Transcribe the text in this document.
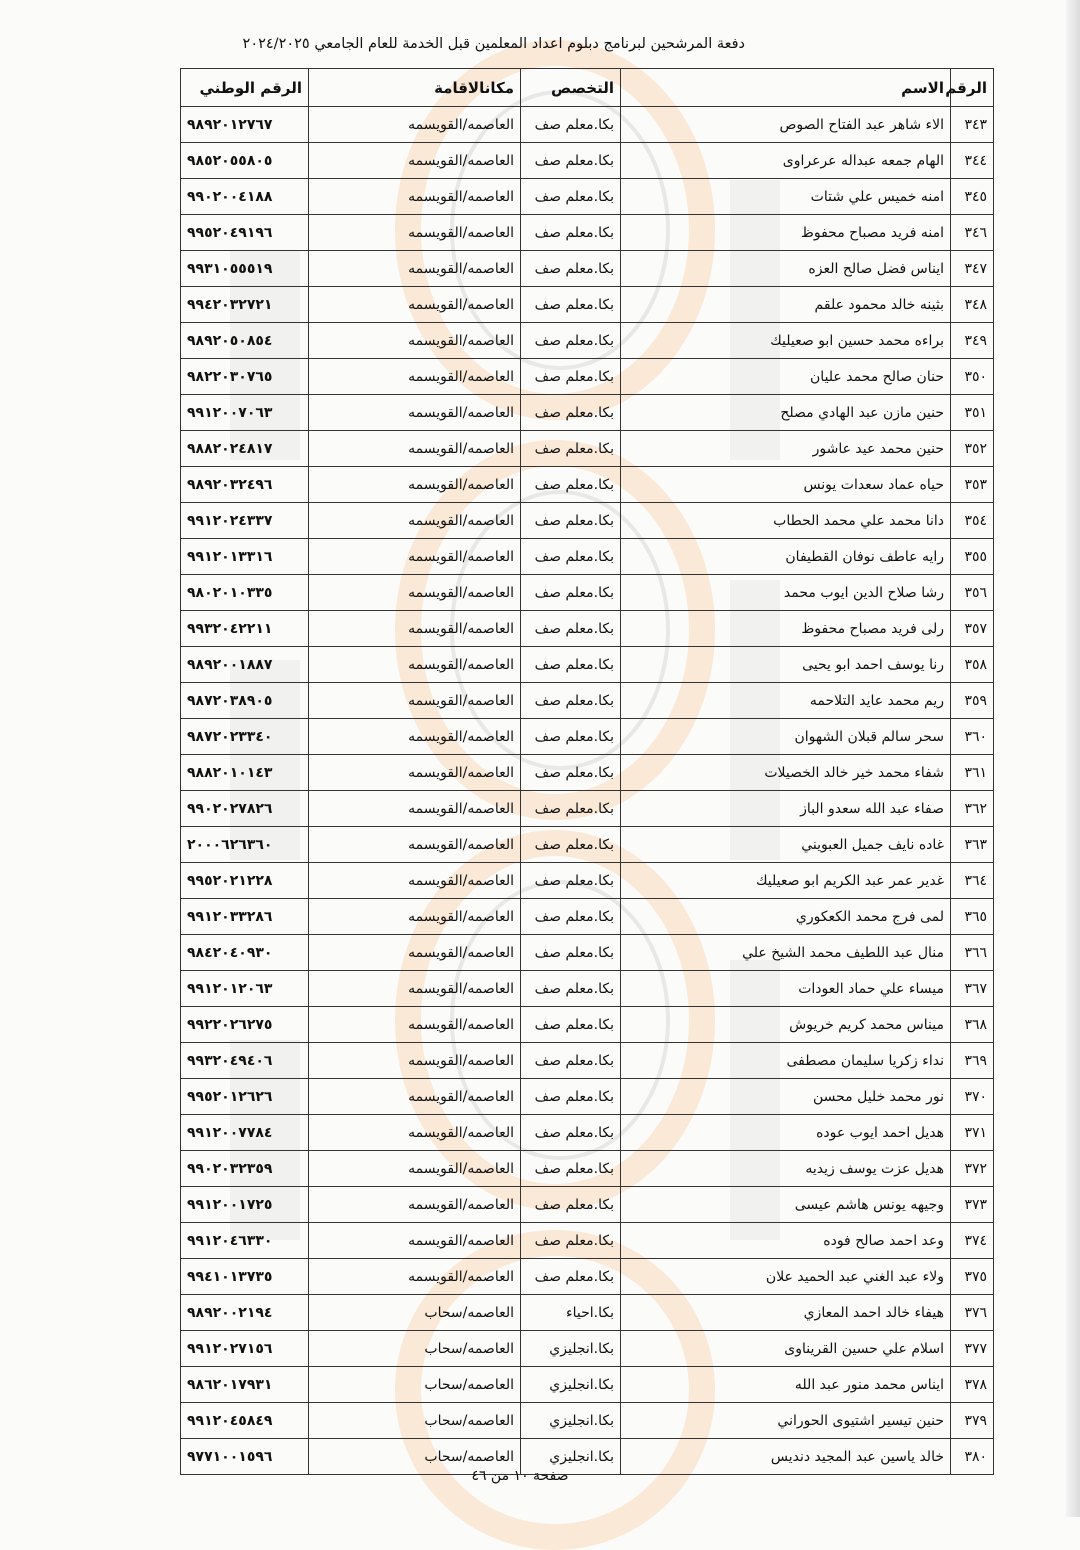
دفعة المرشحين لبرنامج دبلوم اعداد المعلمين قبل الخدمة للعام الجامعي ٢٠٢٤/٢٠٢٥
الرقم	الاسم	التخصص	مكانالاقامة	الرقم الوطني
٣٤٣	الاء شاهر عبد الفتاح الصوص	بكا.معلم صف	العاصمه/القويسمه	٩٨٩٢٠١٢٧٦٧
٣٤٤	الهام جمعه عبداله عرعراوى	بكا.معلم صف	العاصمه/القويسمه	٩٨٥٢٠٥٥٨٠٥
٣٤٥	امنه خميس علي شتات	بكا.معلم صف	العاصمه/القويسمه	٩٩٠٢٠٠٤١٨٨
٣٤٦	امنه فريد مصباح محفوظ	بكا.معلم صف	العاصمه/القويسمه	٩٩٥٢٠٤٩١٩٦
٣٤٧	ايناس فضل صالح العزه	بكا.معلم صف	العاصمه/القويسمه	٩٩٣١٠٥٥٥١٩
٣٤٨	بثينه خالد محمود علقم	بكا.معلم صف	العاصمه/القويسمه	٩٩٤٢٠٣٢٧٢١
٣٤٩	براءه محمد حسين ابو صعيليك	بكا.معلم صف	العاصمه/القويسمه	٩٨٩٢٠٥٠٨٥٤
٣٥٠	حنان صالح محمد عليان	بكا.معلم صف	العاصمه/القويسمه	٩٨٢٢٠٣٠٧٦٥
٣٥١	حنين مازن عبد الهادي مصلح	بكا.معلم صف	العاصمه/القويسمه	٩٩١٢٠٠٧٠٦٣
٣٥٢	حنين محمد عيد عاشور	بكا.معلم صف	العاصمه/القويسمه	٩٨٨٢٠٢٤٨١٧
٣٥٣	حياه عماد سعدات يونس	بكا.معلم صف	العاصمه/القويسمه	٩٨٩٢٠٣٢٤٩٦
٣٥٤	دانا محمد علي محمد الحطاب	بكا.معلم صف	العاصمه/القويسمه	٩٩١٢٠٢٤٣٣٧
٣٥٥	رايه عاطف نوفان القطيفان	بكا.معلم صف	العاصمه/القويسمه	٩٩١٢٠١٣٣١٦
٣٥٦	رشا صلاح الدين ايوب محمد	بكا.معلم صف	العاصمه/القويسمه	٩٨٠٢٠١٠٣٣٥
٣٥٧	رلى فريد مصباح محفوظ	بكا.معلم صف	العاصمه/القويسمه	٩٩٣٢٠٤٢٢١١
٣٥٨	رنا يوسف احمد ابو يحيى	بكا.معلم صف	العاصمه/القويسمه	٩٨٩٢٠٠١٨٨٧
٣٥٩	ريم محمد عايد التلاحمه	بكا.معلم صف	العاصمه/القويسمه	٩٨٧٢٠٣٨٩٠٥
٣٦٠	سحر سالم قبلان الشهوان	بكا.معلم صف	العاصمه/القويسمه	٩٨٧٢٠٢٣٣٤٠
٣٦١	شفاء محمد خير خالد الخصيلات	بكا.معلم صف	العاصمه/القويسمه	٩٨٨٢٠١٠١٤٣
٣٦٢	صفاء عبد الله سعدو الباز	بكا.معلم صف	العاصمه/القويسمه	٩٩٠٢٠٢٧٨٢٦
٣٦٣	غاده نايف جميل العبويني	بكا.معلم صف	العاصمه/القويسمه	٢٠٠٠٦٢٦٣٦٠
٣٦٤	غدير عمر عبد الكريم ابو صعيليك	بكا.معلم صف	العاصمه/القويسمه	٩٩٥٢٠٢١٢٢٨
٣٦٥	لمى فرج محمد الكعكوري	بكا.معلم صف	العاصمه/القويسمه	٩٩١٢٠٣٣٢٨٦
٣٦٦	منال عبد اللطيف محمد الشيخ علي	بكا.معلم صف	العاصمه/القويسمه	٩٨٤٢٠٤٠٩٣٠
٣٦٧	ميساء علي حماد العودات	بكا.معلم صف	العاصمه/القويسمه	٩٩١٢٠١٢٠٦٣
٣٦٨	ميناس محمد كريم خريوش	بكا.معلم صف	العاصمه/القويسمه	٩٩٢٢٠٢٦٢٧٥
٣٦٩	نداء زكريا سليمان مصطفى	بكا.معلم صف	العاصمه/القويسمه	٩٩٣٢٠٤٩٤٠٦
٣٧٠	نور محمد خليل محسن	بكا.معلم صف	العاصمه/القويسمه	٩٩٥٢٠١٢٦٢٦
٣٧١	هديل احمد ايوب عوده	بكا.معلم صف	العاصمه/القويسمه	٩٩١٢٠٠٧٧٨٤
٣٧٢	هديل عزت يوسف زيديه	بكا.معلم صف	العاصمه/القويسمه	٩٩٠٢٠٣٢٣٥٩
٣٧٣	وجيهه يونس هاشم عيسى	بكا.معلم صف	العاصمه/القويسمه	٩٩١٢٠٠١٧٢٥
٣٧٤	وعد احمد صالح فوده	بكا.معلم صف	العاصمه/القويسمه	٩٩١٢٠٤٦٣٣٠
٣٧٥	ولاء عبد الغني عبد الحميد علان	بكا.معلم صف	العاصمه/القويسمه	٩٩٤١٠١٣٧٣٥
٣٧٦	هيفاء خالد احمد المعازي	بكا.احياء	العاصمه/سحاب	٩٨٩٢٠٠٢١٩٤
٣٧٧	اسلام علي حسين القريناوى	بكا.انجليزي	العاصمه/سحاب	٩٩١٢٠٢٧١٥٦
٣٧٨	ايناس محمد منور عبد الله	بكا.انجليزي	العاصمه/سحاب	٩٨٦٢٠١٧٩٣١
٣٧٩	حنين تيسير اشتيوى الحوراني	بكا.انجليزي	العاصمه/سحاب	٩٩١٢٠٤٥٨٤٩
٣٨٠	خالد ياسين عبد المجيد دنديس	بكا.انجليزي	العاصمه/سحاب	٩٧٧١٠٠١٥٩٦
صفحة ١٠ من ٤٦
